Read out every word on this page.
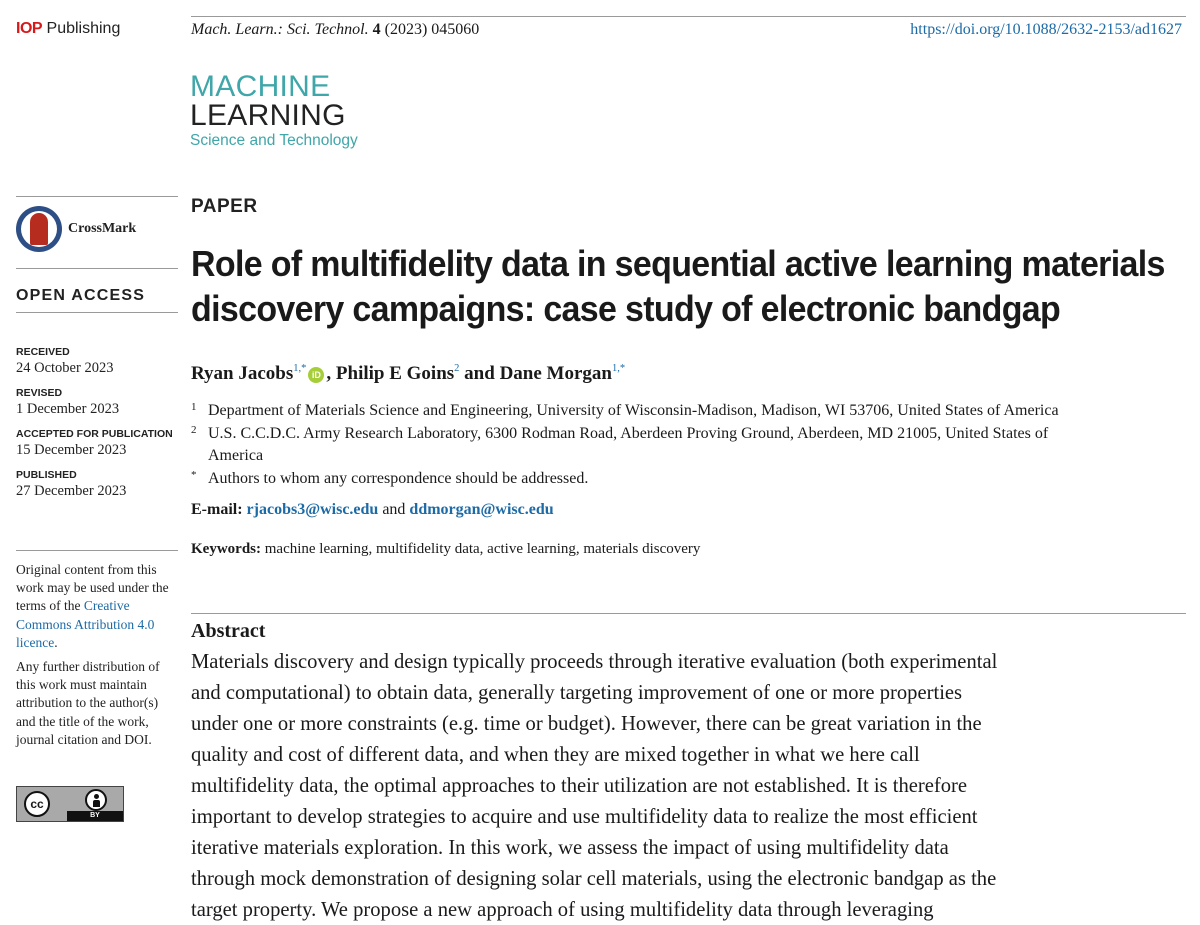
IOP Publishing	Mach. Learn.: Sci. Technol. 4 (2023) 045060	https://doi.org/10.1088/2632-2153/ad1627
MACHINE
LEARNING
Science and Technology
CrossMark
OPEN ACCESS
RECEIVED
24 October 2023
REVISED
1 December 2023
ACCEPTED FOR PUBLICATION
15 December 2023
PUBLISHED
27 December 2023

Original content from this work may be used under the terms of the Creative Commons Attribution 4.0 licence.

Any further distribution of this work must maintain attribution to the author(s) and the title of the work, journal citation and DOI.

cc
BY
PAPER
Role of multifidelity data in sequential active learning materials
discovery campaigns: case study of electronic bandgap
Ryan Jacobs$^{1,*}$iD , Philip E Goins$^2$ and Dane Morgan$^{1,*}$
1 Department of Materials Science and Engineering, University of Wisconsin-Madison, Madison, WI 53706, United States of America
2 U.S. C.C.D.C. Army Research Laboratory, 6300 Rodman Road, Aberdeen Proving Ground, Aberdeen, MD 21005, United States of
America
* Authors to whom any correspondence should be addressed.
E-mail: rjacobs3@wisc.edu and ddmorgan@wisc.edu
Keywords: machine learning, multifidelity data, active learning, materials discovery
Abstract
Materials discovery and design typically proceeds through iterative evaluation (both experimental
and computational) to obtain data, generally targeting improvement of one or more properties
under one or more constraints (e.g. time or budget). However, there can be great variation in the
quality and cost of different data, and when they are mixed together in what we here call
multifidelity data, the optimal approaches to their utilization are not established. It is therefore
important to develop strategies to acquire and use multifidelity data to realize the most efficient
iterative materials exploration. In this work, we assess the impact of using multifidelity data
through mock demonstration of designing solar cell materials, using the electronic bandgap as the
target property. We propose a new approach of using multifidelity data through leveraging
